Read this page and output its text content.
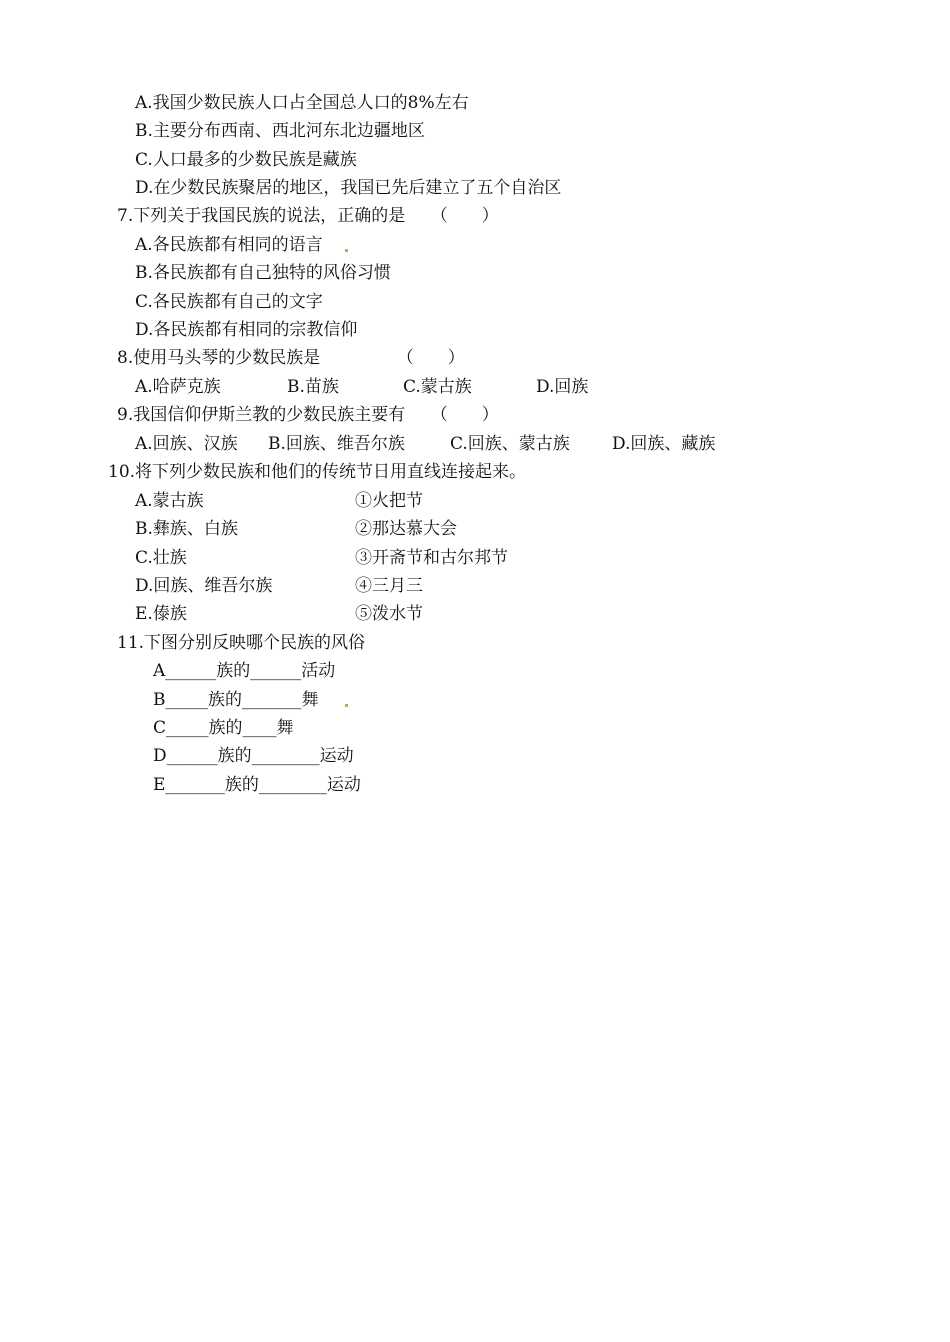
A.我国少数民族人口占全国总人口的8%左右
B.主要分布西南、西北河东北边疆地区
C.人口最多的少数民族是藏族
D.在少数民族聚居的地区，我国已先后建立了五个自治区
7.下列关于我国民族的说法，正确的是　　（　　）
A.各民族都有相同的语言
B.各民族都有自己独特的风俗习惯
C.各民族都有自己的文字
D.各民族都有相同的宗教信仰
8.使用马头琴的少数民族是　　　　　（　　）
A.哈萨克族	B.苗族	C.蒙古族	D.回族
9.我国信仰伊斯兰教的少数民族主要有　　（　　）
A.回族、汉族 B.回族、维吾尔族	C.回族、蒙古族 D.回族、藏族
10.将下列少数民族和他们的传统节日用直线连接起来。
A.蒙古族	①火把节
B.彝族、白族	②那达慕大会
C.壮族	③开斋节和古尔邦节
D.回族、维吾尔族	④三月三
E.傣族	⑤泼水节
11.下图分别反映哪个民族的风俗
A______族的______活动
B_____族的_______舞
C_____族的____舞
D______族的________运动
E_______族的________运动
